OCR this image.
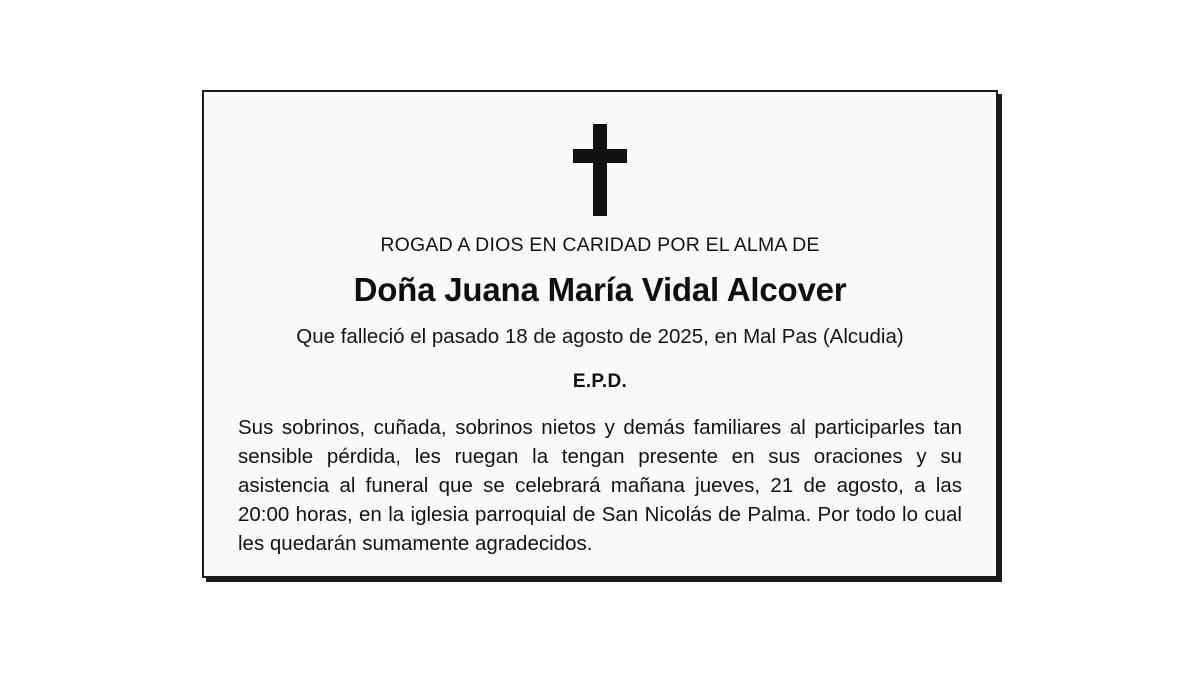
ROGAD A DIOS EN CARIDAD POR EL ALMA DE
Doña Juana María Vidal Alcover
Que falleció el pasado 18 de agosto de 2025, en Mal Pas (Alcudia)
E.P.D.
Sus sobrinos, cuñada, sobrinos nietos y demás familiares al participarles tan sensible pérdida, les ruegan la tengan presente en sus oraciones y su asistencia al funeral que se celebrará mañana jueves, 21 de agosto, a las 20:00 horas, en la iglesia parroquial de San Nicolás de Palma. Por todo lo cual les quedarán sumamente agradecidos.
